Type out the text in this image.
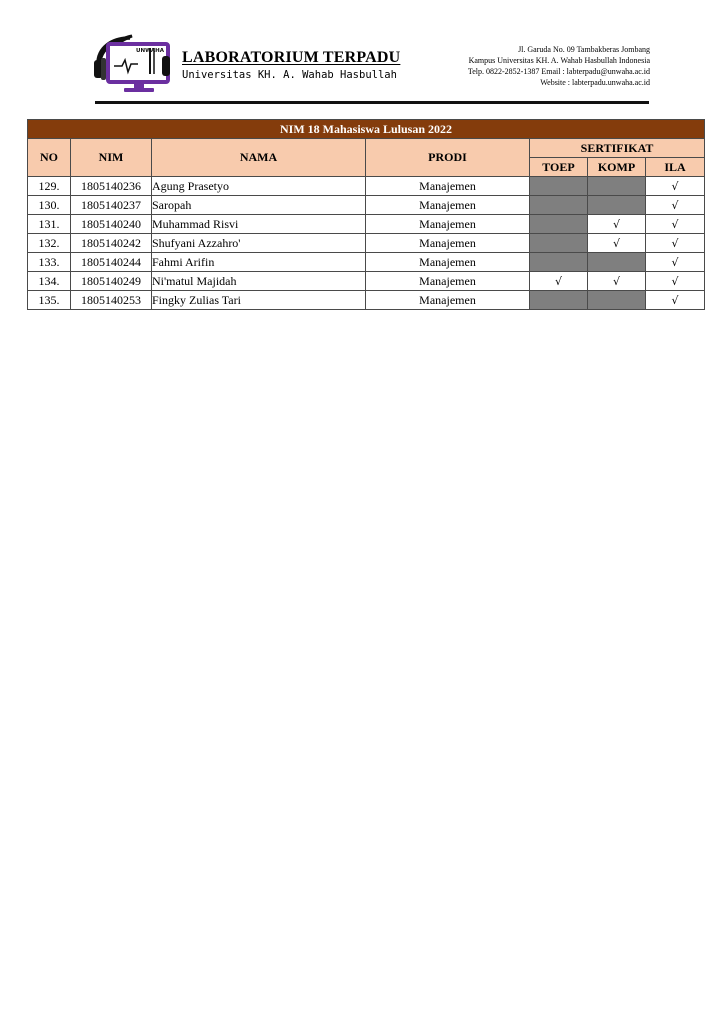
UNWAHA LABORATORIUM TERPADU
Universitas KH. A. Wahab Hasbullah
Jl. Garuda No. 09 Tambakberas Jombang
Kampus Universitas KH. A. Wahab Hasbullah Indonesia
Telp. 0822-2852-1387 Email : labterpadu@unwaha.ac.id
Website : labterpadu.unwaha.ac.id
NIM 18 Mahasiswa Lulusan 2022						
NO	NIM	NAMA	PRODI	SERTIFIKAT		
				TOEP	KOMP	ILA
129.	1805140236	Agung Prasetyo	Manajemen			√
130.	1805140237	Saropah	Manajemen			√
131.	1805140240	Muhammad Risvi	Manajemen		√	√
132.	1805140242	Shufyani Azzahro'	Manajemen		√	√
133.	1805140244	Fahmi Arifin	Manajemen			√
134.	1805140249	Ni'matul Majidah	Manajemen	√	√	√
135.	1805140253	Fingky Zulias Tari	Manajemen			√
